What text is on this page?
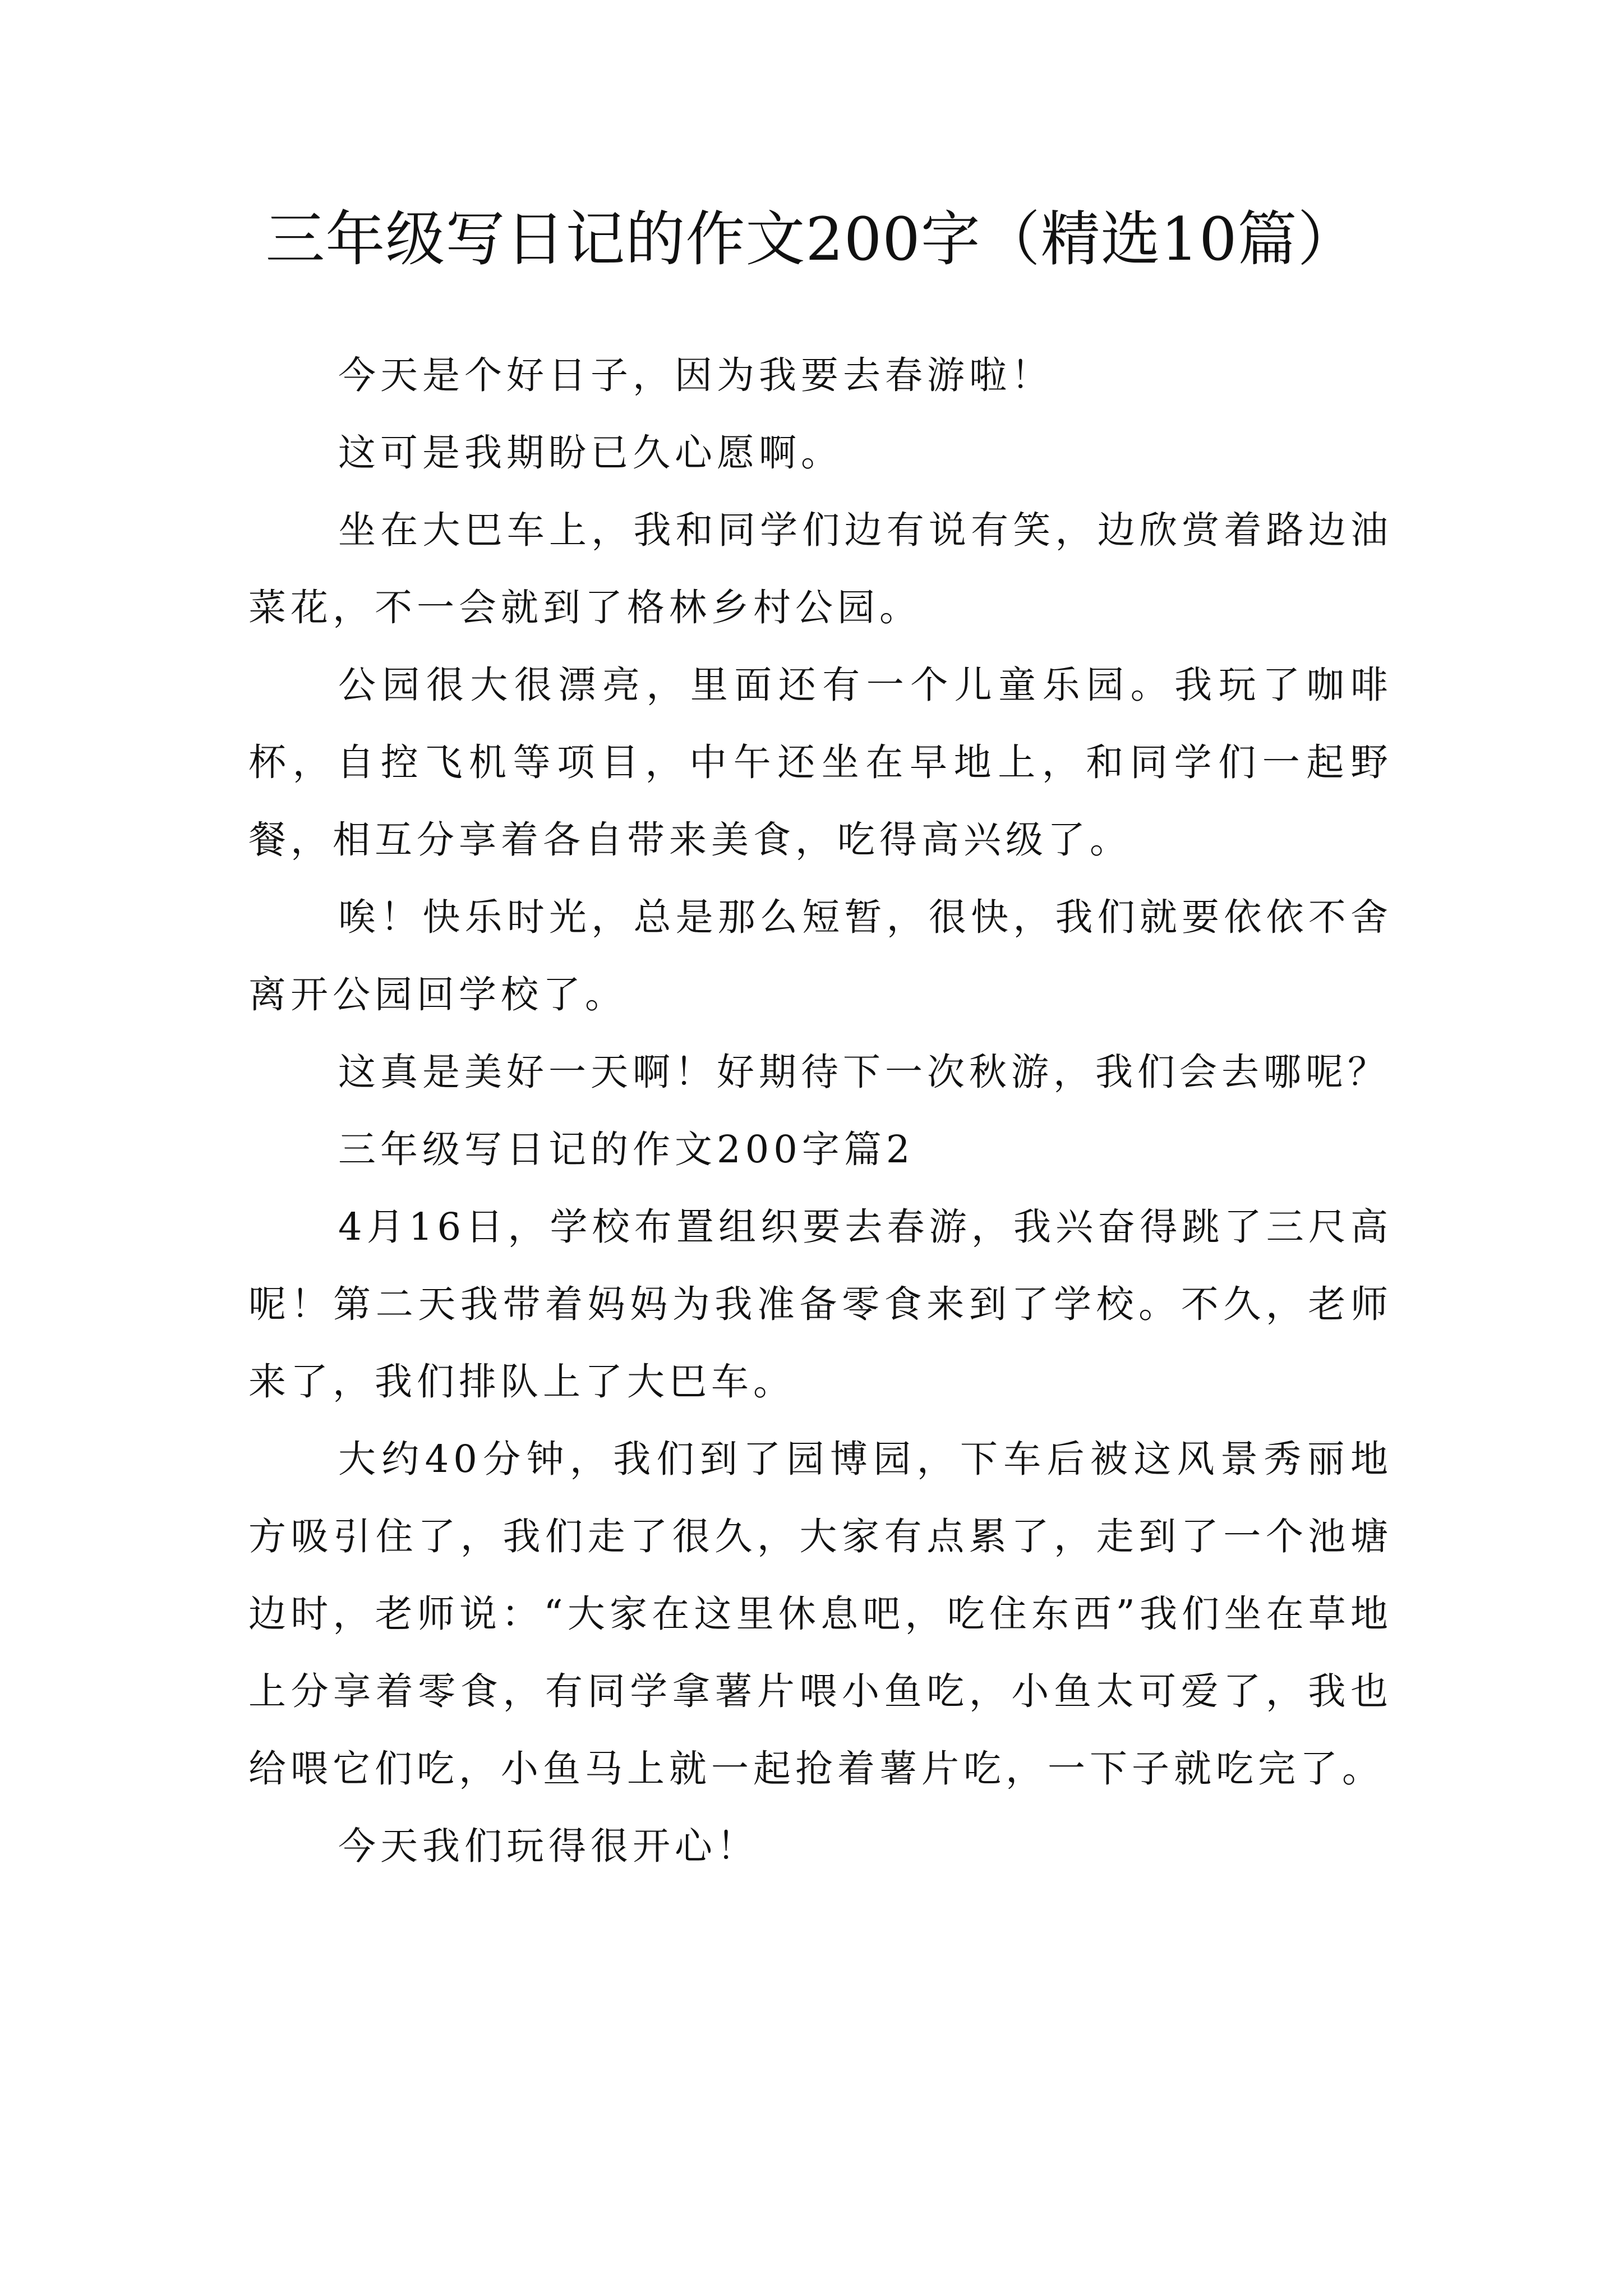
三年级写日记的作文200字（精选10篇）

今天是个好日子，因为我要去春游啦！

这可是我期盼已久心愿啊。

坐在大巴车上，我和同学们边有说有笑，边欣赏着路边油菜花，不一会就到了格林乡村公园。

公园很大很漂亮，里面还有一个儿童乐园。我玩了咖啡杯，自控飞机等项目，中午还坐在早地上，和同学们一起野餐，相互分享着各自带来美食，吃得高兴级了。

唉！快乐时光，总是那么短暂，很快，我们就要依依不舍离开公园回学校了。

这真是美好一天啊！好期待下一次秋游，我们会去哪呢？

三年级写日记的作文200字篇2

4月16日，学校布置组织要去春游，我兴奋得跳了三尺高呢！第二天我带着妈妈为我准备零食来到了学校。不久，老师来了，我们排队上了大巴车。

大约40分钟，我们到了园博园，下车后被这风景秀丽地方吸引住了，我们走了很久，大家有点累了，走到了一个池塘边时，老师说：“大家在这里休息吧，吃住东西”我们坐在草地上分享着零食，有同学拿薯片喂小鱼吃，小鱼太可爱了，我也给喂它们吃，小鱼马上就一起抢着薯片吃，一下子就吃完了。

今天我们玩得很开心！
